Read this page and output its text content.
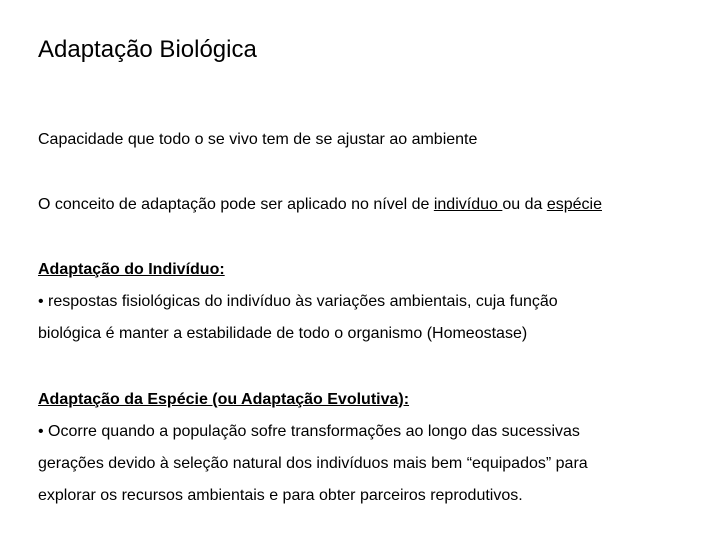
Adaptação Biológica
Capacidade que todo o se vivo tem de se ajustar ao ambiente
O conceito de adaptação pode ser aplicado no nível de indivíduo ou da espécie
Adaptação do Indivíduo:
• respostas fisiológicas do indivíduo às variações ambientais, cuja função
biológica é manter a estabilidade de todo o organismo (Homeostase)
Adaptação da Espécie (ou Adaptação Evolutiva):
• Ocorre quando a população sofre transformações ao longo das sucessivas
gerações devido à seleção natural dos indivíduos mais bem “equipados” para
explorar os recursos ambientais e para obter parceiros reprodutivos.
